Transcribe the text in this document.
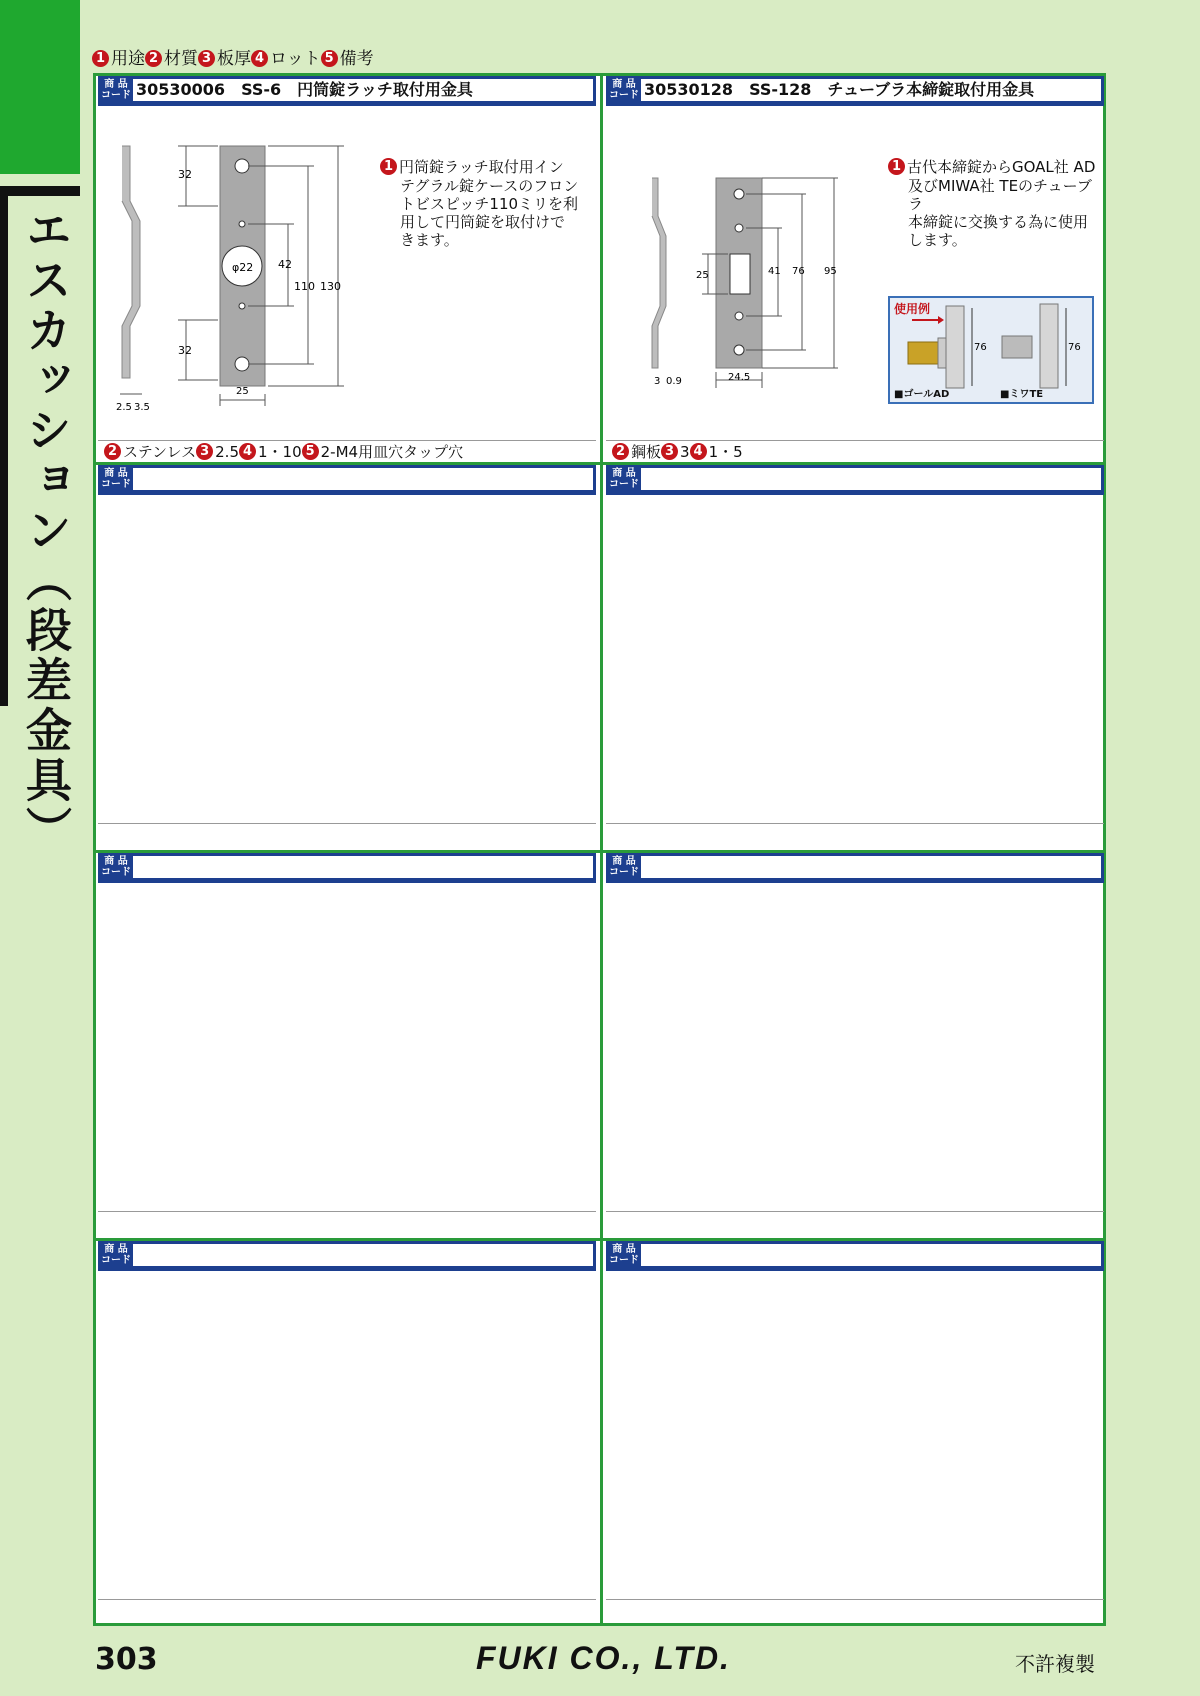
エスカッション（段差金具）
1 用途 2 材質 3 板厚 4 ロット 5 備考
商 品
コード 30530006　SS-6　円筒錠ラッチ取付用金具
2.5 3.5
φ22
32
32
42
110 130
25
1 円筒錠ラッチ取付用イン
テグラル錠ケースのフロン
トビスピッチ110ミリを利
用して円筒錠を取付けで
きます。
2 ステンレス 3 2.5 4 1・10 5 2-M4用皿穴タップ穴
商 品
コード 30530128　SS-128　チューブラ本締錠取付用金具
3 0.9
25	41 76 95
24.5
1 古代本締錠からGOAL社 AD
及びMIWA社 TEのチューブラ
本締錠に交換する為に使用
します。
使用例
76	76
■ゴールAD	■ミワTE
2 鋼板 3 3 4 1・5
商 品
コード
商 品
コード
商 品
コード
商 品
コード
商 品
コード
商 品
コード
303	FUKI CO., LTD.	不許複製
